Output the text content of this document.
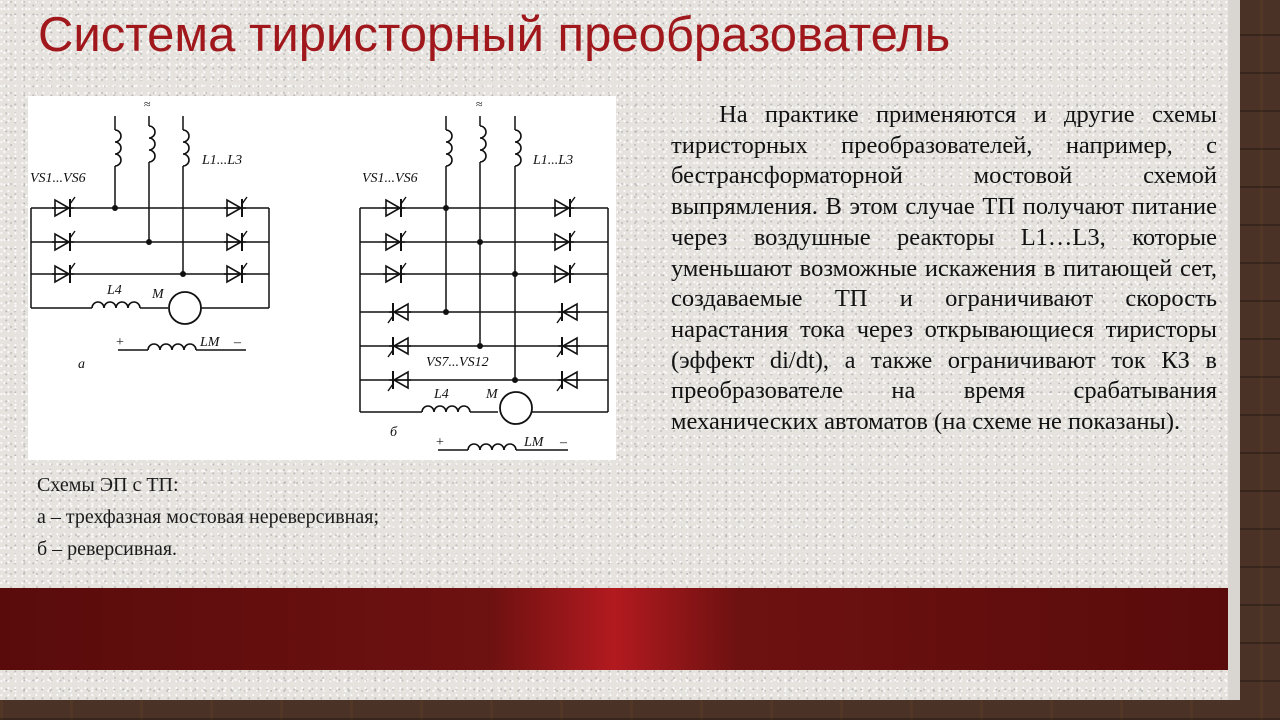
Система тиристорный преобразователь
≈
L1...L3
VS1...VS6
L4 M
+	LM –
а
≈
L1...L3
VS1...VS6
VS7...VS12
L4	M
+	LM –
б
Схемы ЭП с ТП:
а – трехфазная мостовая нереверсивная;
б – реверсивная.

На практике применяются и другие схемы тиристорных преобразователей, например, с бестрансформаторной мостовой схемой выпрямления. В этом случае ТП получают питание через воздушные реакторы L1…L3, которые уменьшают возможные искажения в питающей сет, создаваемые ТП и ограничивают скорость нарастания тока через открывающиеся тиристоры (эффект di/dt), а также ограничивают ток КЗ в преобразователе на время срабатывания механических автоматов (на схеме не показаны).
